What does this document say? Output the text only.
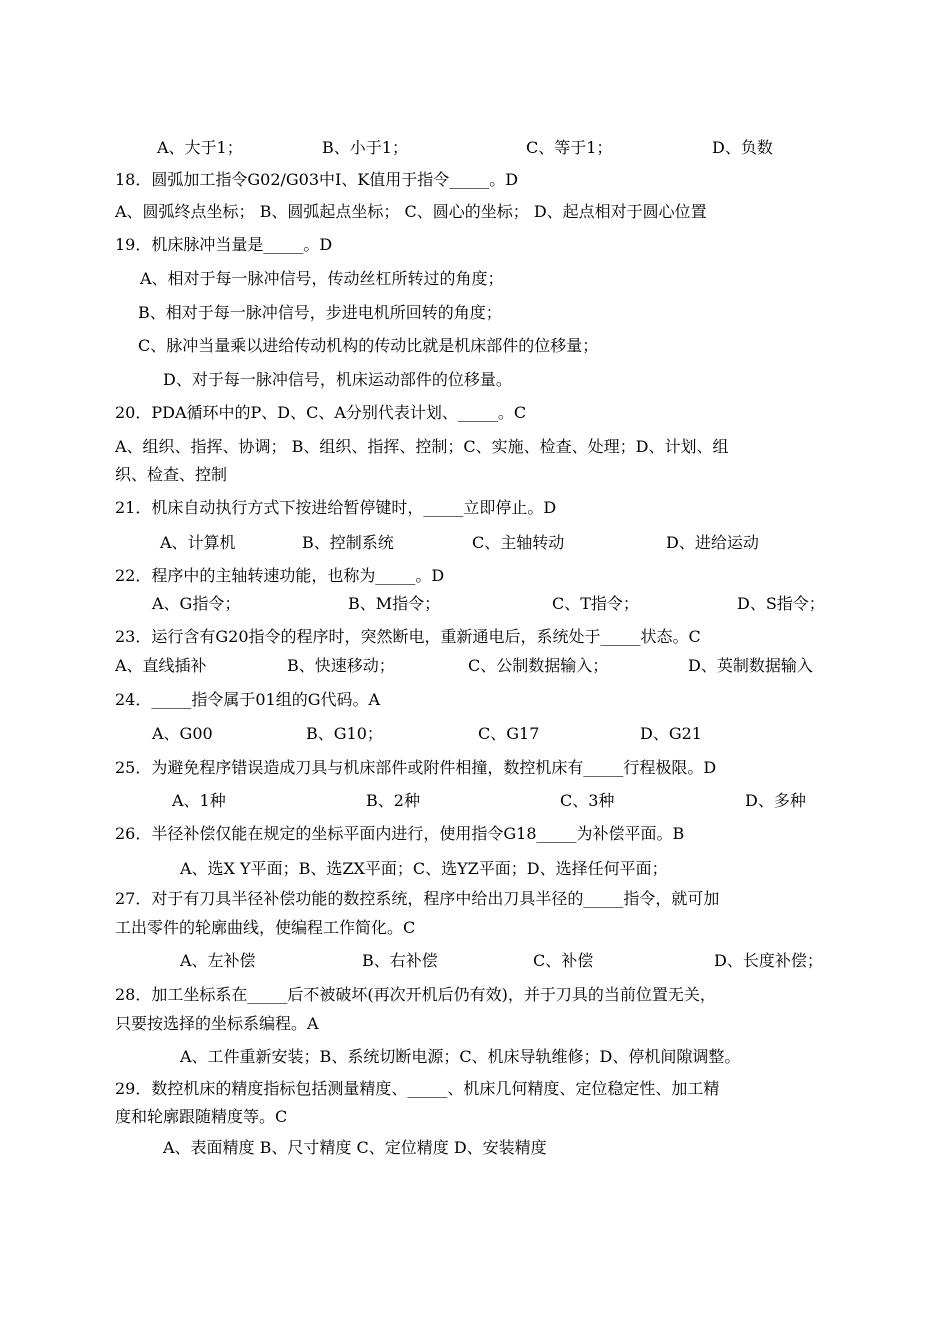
A、大于1；	B、小于1；	C、等于1；	D、负数
18．圆弧加工指令G02/G03中I、K值用于指令_____。D
A、圆弧终点坐标； B、圆弧起点坐标； C、圆心的坐标； D、起点相对于圆心位置
19．机床脉冲当量是_____。D
A、相对于每一脉冲信号，传动丝杠所转过的角度；
B、相对于每一脉冲信号，步进电机所回转的角度；
C、脉冲当量乘以进给传动机构的传动比就是机床部件的位移量；
D、对于每一脉冲信号，机床运动部件的位移量。
20．PDA循环中的P、D、C、A分别代表计划、_____。C
A、组织、指挥、协调； B、组织、指挥、控制；C、实施、检查、处理；D、计划、组
织、检查、控制
21．机床自动执行方式下按进给暂停键时，_____立即停止。D
A、计算机	B、控制系统	C、主轴转动	D、进给运动
22．程序中的主轴转速功能，也称为_____。D
A、G指令；	B、M指令；	C、T指令；	D、S指令；
23．运行含有G20指令的程序时，突然断电，重新通电后，系统处于_____状态。C
A、直线插补	B、快速移动；	C、公制数据输入；	D、英制数据输入
24．_____指令属于01组的G代码。A
A、G00	B、G10；	C、G17	D、G21
25．为避免程序错误造成刀具与机床部件或附件相撞，数控机床有_____行程极限。D
A、1种	B、2种	C、3种	D、多种
26．半径补偿仅能在规定的坐标平面内进行，使用指令G18_____为补偿平面。B
A、选X Y平面；B、选ZX平面；C、选YZ平面；D、选择任何平面；
27．对于有刀具半径补偿功能的数控系统，程序中给出刀具半径的_____指令，就可加
工出零件的轮廓曲线，使编程工作简化。C
A、左补偿	B、右补偿	C、补偿	D、长度补偿；
28．加工坐标系在_____后不被破坏(再次开机后仍有效)，并于刀具的当前位置无关，
只要按选择的坐标系编程。A
A、工件重新安装；B、系统切断电源；C、机床导轨维修；D、停机间隙调整。
29．数控机床的精度指标包括测量精度、_____、机床几何精度、定位稳定性、加工精
度和轮廓跟随精度等。C
A、表面精度 B、尺寸精度 C、定位精度 D、安装精度
